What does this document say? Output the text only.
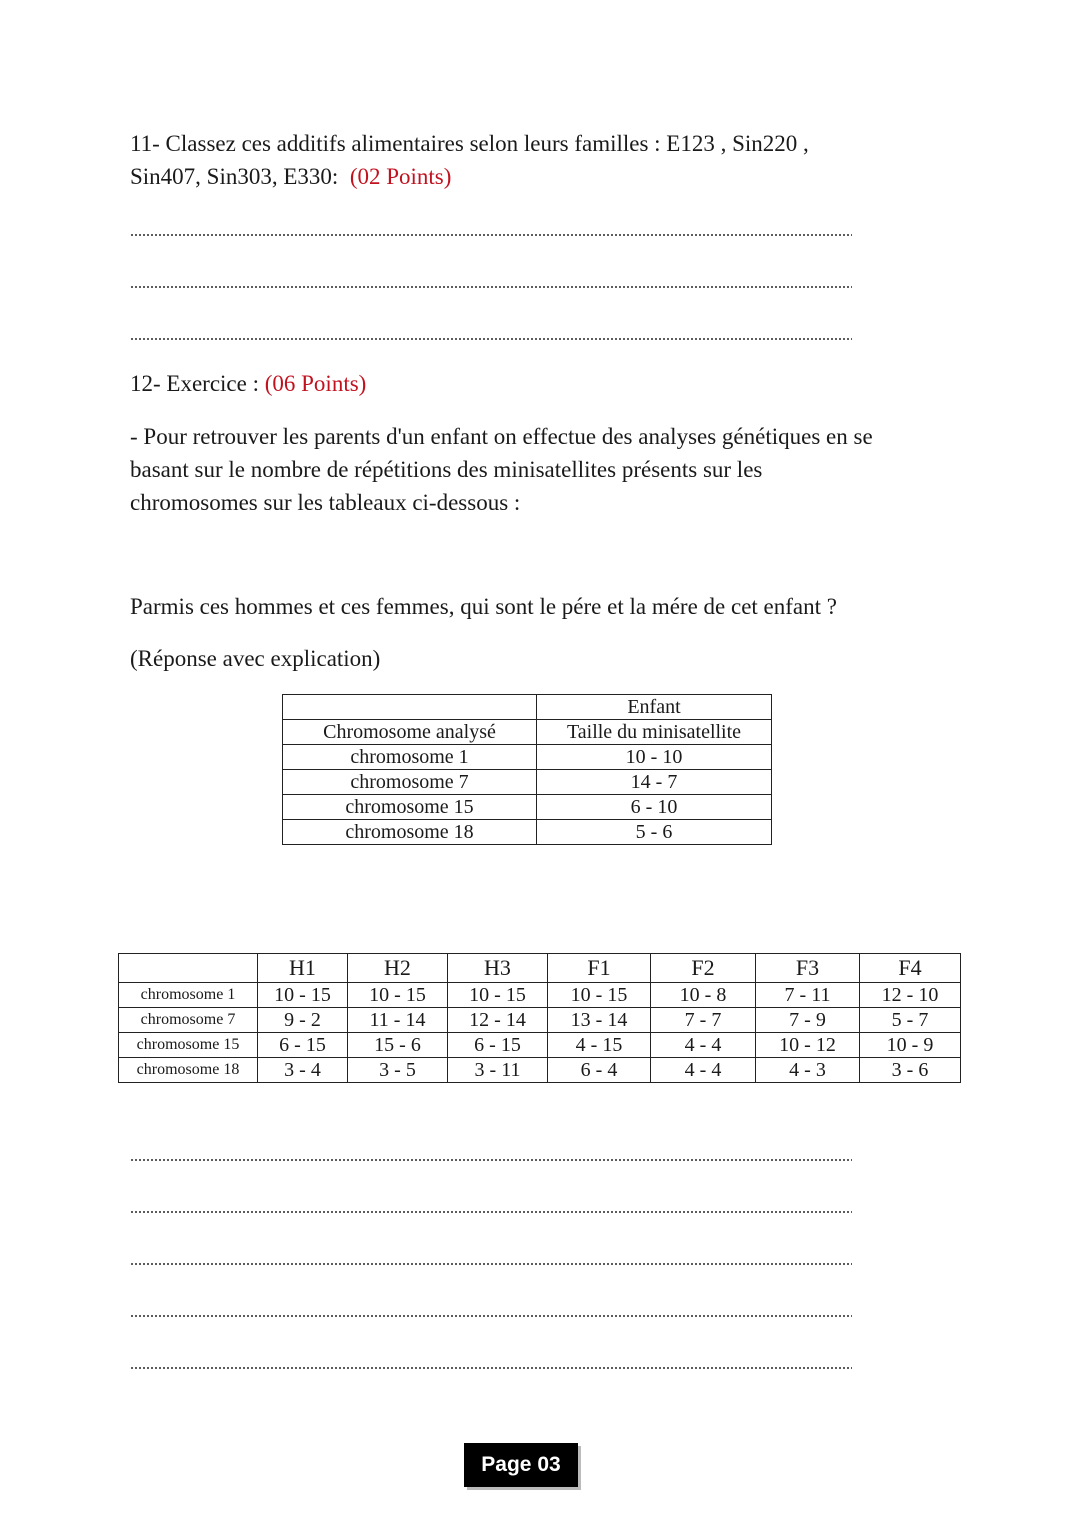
11- Classez ces additifs alimentaires selon leurs familles : E123 , Sin220 ,
Sin407, Sin303, E330: (02 Points)
12- Exercice : (06 Points)
- Pour retrouver les parents d'un enfant on effectue des analyses génétiques en se
basant sur le nombre de répétitions des minisatellites présents sur les
chromosomes sur les tableaux ci-dessous :
Parmis ces hommes et ces femmes, qui sont le pére et la mére de cet enfant ?
(Réponse avec explication)
	Enfant
Chromosome analysé	Taille du minisatellite
chromosome 1	10 - 10
chromosome 7	14 - 7
chromosome 15	6 - 10
chromosome 18	5 - 6
	H1	H2	H3	F1	F2	F3	F4
chromosome 1	10 - 15	10 - 15	10 - 15	10 - 15	10 - 8	7 - 11	12 - 10
chromosome 7	9 - 2	11 - 14	12 - 14	13 - 14	7 - 7	7 - 9	5 - 7
chromosome 15	6 - 15	15 - 6	6 - 15	4 - 15	4 - 4	10 - 12	10 - 9
chromosome 18	3 - 4	3 - 5	3 - 11	6 - 4	4 - 4	4 - 3	3 - 6
Page 03
